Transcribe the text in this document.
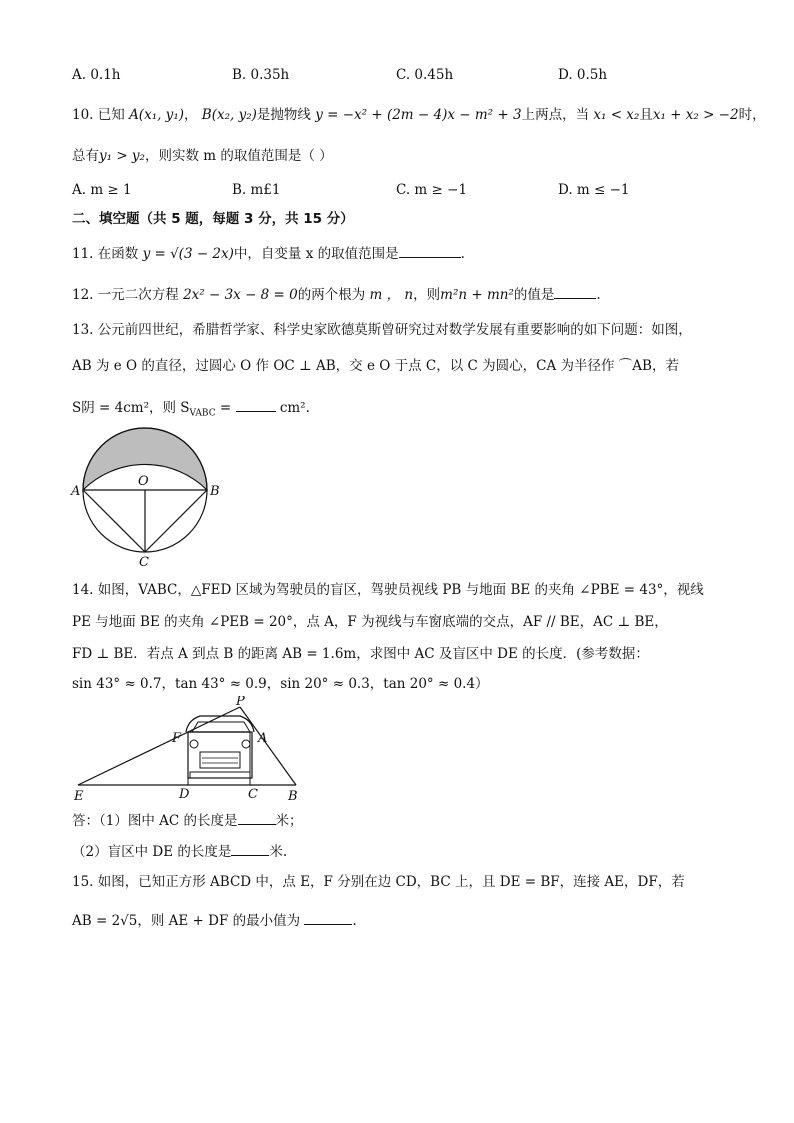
A. 0.1h	B. 0.35h	C. 0.45h	D. 0.5h
10. 已知 A(x₁, y₁)， B(x₂, y₂)是抛物线 y = −x² + (2m − 4)x − m² + 3上两点，当 x₁ < x₂且x₁ + x₂ > −2时，
总有y₁ > y₂，则实数 m 的取值范围是（ ）
A. m ≥ 1	B. m£1	C. m ≥ −1	D. m ≤ −1
二、填空题（共 5 题，每题 3 分，共 15 分）
11. 在函数 y = √(3 − 2x)中，自变量 x 的取值范围是	.
12. 一元二次方程 2x² − 3x − 8 = 0的两个根为 m ， n，则m²n + mn²的值是	.
13. 公元前四世纪，希腊哲学家、科学史家欧德莫斯曾研究过对数学发展有重要影响的如下问题：如图，
AB 为 e O 的直径，过圆心 O 作 OC ⊥ AB，交 e O 于点 C，以 C 为圆心，CA 为半径作 ⌒AB，若
S阴 = 4cm²，则 $S_{VABC}$ =	cm².
A	B
O
C
14. 如图，VABC，△FED 区域为驾驶员的盲区，驾驶员视线 PB 与地面 BE 的夹角 ∠PBE = 43°，视线
PE 与地面 BE 的夹角 ∠PEB = 20°，点 A，F 为视线与车窗底端的交点，AF // BE，AC ⊥ BE，
FD ⊥ BE．若点 A 到点 B 的距离 AB = 1.6m，求图中 AC 及盲区中 DE 的长度．(参考数据：
sin 43° ≈ 0.7，tan 43° ≈ 0.9，sin 20° ≈ 0.3，tan 20° ≈ 0.4）
P
F	A
E	D	C B
答：（1）图中 AC 的长度是	米；
（2）盲区中 DE 的长度是	米.
15. 如图，已知正方形 ABCD 中，点 E，F 分别在边 CD，BC 上，且 DE = BF，连接 AE，DF，若
AB = 2√5，则 AE + DF 的最小值为	.
